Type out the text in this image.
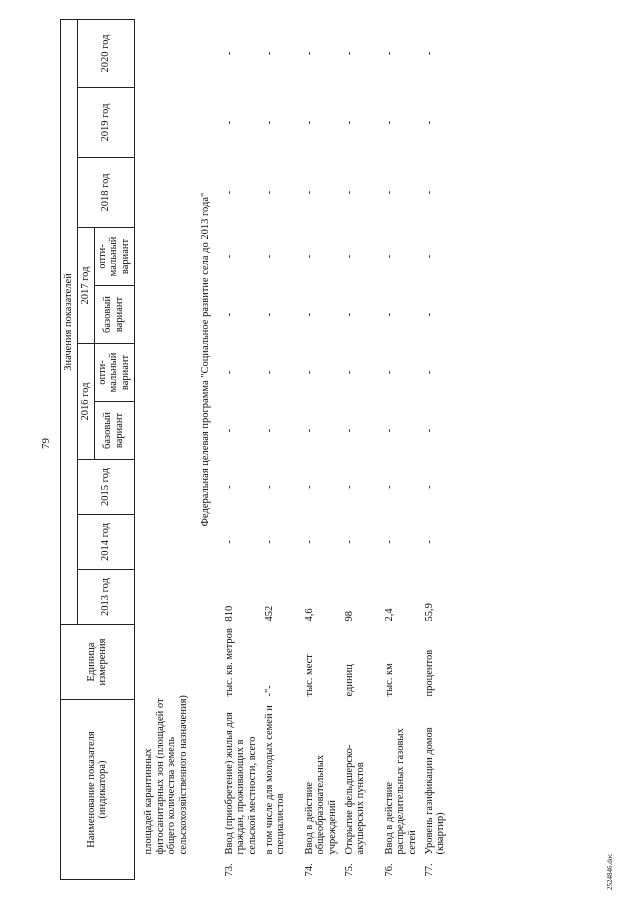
79
Наименование показателя (индикатора)	Единица измерения	Значения показателей									
		2013 год	2014 год	2015 год	2016 год		2017 год		2018 год	2019 год	2020 год
					базовый вариант	опти-мальный вариант	базовый вариант	опти-мальный вариант			

площадей карантинных фитосанитарных зон (площадей от общего количества земель сельскохозяйственного назначения)											

	Федеральная целевая программа "Социальное развитие села до 2013 года"										
73.Ввод (приобретение) жилья для граждан, проживающих в сельской местности, всего	тыс. кв. метров	810	-	-	-	-	-	-	-	-	-
в том числе для молодых семей и специалистов	-"-	452	-	-	-	-	-	-	-	-	-
74.Ввод в действие общеобразовательных учреждений	тыс. мест	4,6	-	-	-	-	-	-	-	-	-
75.Открытие фельдшерско-акушерских пунктов	единиц	98	-	-	-	-	-	-	-	-	-
76.Ввод в действие распределительных газовых сетей	тыс. км	2,4	-	-	-	-	-	-	-	-	-
77.Уровень газификации домов (квартир)	процентов	55,9	-	-	-	-	-	-	-	-	-
2524846.doc
